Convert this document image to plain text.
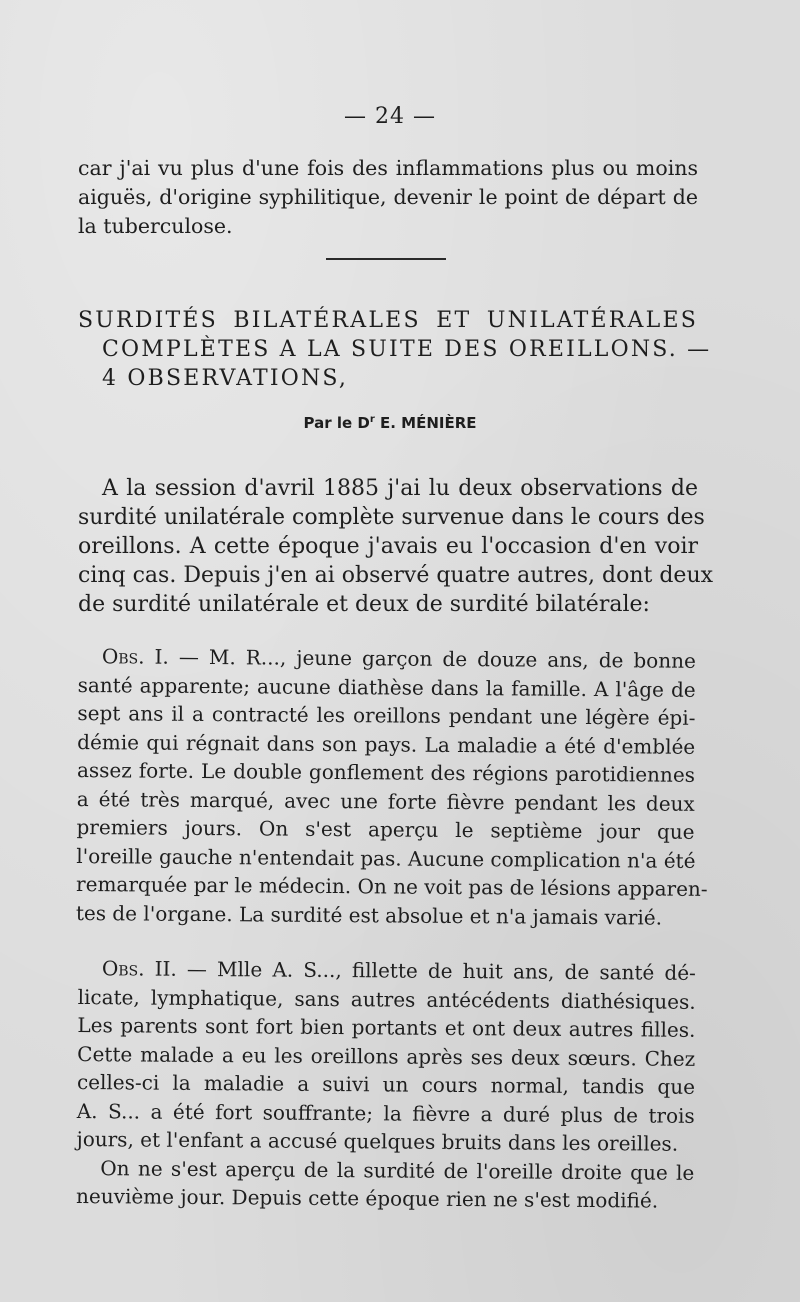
— 24 —
car j'ai vu plus d'une fois des inflammations plus ou moins
aiguës, d'origine syphilitique, devenir le point de départ de
la tuberculose.
SURDITÉS BILATÉRALES ET UNILATÉRALES
COMPLÈTES A LA SUITE DES OREILLONS. —
4 OBSERVATIONS,
Par le $D^r$ E. MÉNIÈRE
A la session d'avril 1885 j'ai lu deux observations de
surdité unilatérale complète survenue dans le cours des
oreillons. A cette époque j'avais eu l'occasion d'en voir
cinq cas. Depuis j'en ai observé quatre autres, dont deux
de surdité unilatérale et deux de surdité bilatérale:
Obs. I. — M. R..., jeune garçon de douze ans, de bonne
santé apparente; aucune diathèse dans la famille. A l'âge de
sept ans il a contracté les oreillons pendant une légère épi-
démie qui régnait dans son pays. La maladie a été d'emblée
assez forte. Le double gonflement des régions parotidiennes
a été très marqué, avec une forte fièvre pendant les deux
premiers jours. On s'est aperçu le septième jour que
l'oreille gauche n'entendait pas. Aucune complication n'a été
remarquée par le médecin. On ne voit pas de lésions apparen-
tes de l'organe. La surdité est absolue et n'a jamais varié.
Obs. II. — Mlle A. S..., fillette de huit ans, de santé dé-
licate, lymphatique, sans autres antécédents diathésiques.
Les parents sont fort bien portants et ont deux autres filles.
Cette malade a eu les oreillons après ses deux sœurs. Chez
celles-ci la maladie a suivi un cours normal, tandis que
A. S... a été fort souffrante; la fièvre a duré plus de trois
jours, et l'enfant a accusé quelques bruits dans les oreilles.
On ne s'est aperçu de la surdité de l'oreille droite que le
neuvième jour. Depuis cette époque rien ne s'est modifié.
